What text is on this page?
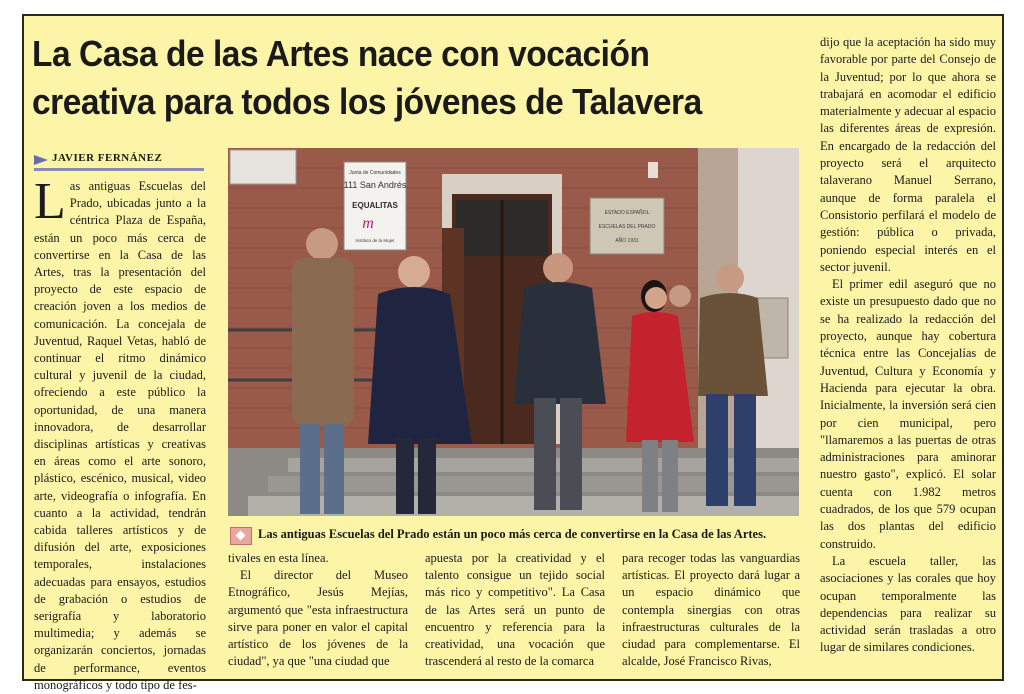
La Casa de las Artes nace con vocación creativa para todos los jóvenes de Talavera
JAVIER FERNÁNEZ

Las antiguas Escuelas del Prado, ubicadas junto a la céntrica Plaza de España, están un poco más cerca de convertirse en la Casa de las Artes, tras la presentación del proyecto de este espacio de creación joven a los medios de comunicación. La concejala de Juventud, Raquel Vetas, habló de continuar el ritmo dinámico cultural y juvenil de la ciudad, ofreciendo a este público la oportunidad, de una manera innovadora, de desarrollar disciplinas artísticas y creativas en áreas como el arte sonoro, plástico, escénico, musical, video arte, videografía o infografía. En cuanto a la actividad, tendrán cabida talleres artísticos y de difusión del arte, exposiciones temporales, instalaciones adecuadas para ensayos, estudios de grabación o estudios de serigrafía y laboratorio multimedia; y además se organizarán conciertos, jornadas de performance, eventos monográficos y todo tipo de fes-

Junta de Comunidades
111 San Andrés
EQUALITAS
m
Instituto de la Mujer
ESTADO ESPAÑOL
ESCUELAS DEL PRADO
AÑO 1931
Las antiguas Escuelas del Prado están un poco más cerca de convertirse en la Casa de las Artes.

tivales en esta línea.

El director del Museo Etnográfico, Jesús Mejías, argumentó que "esta infraestructura sirve para poner en valor el capital artístico de los jóvenes de la ciudad", ya que "una ciudad que

apuesta por la creatividad y el talento consigue un tejido social más rico y competitivo". La Casa de las Artes será un punto de encuentro y referencia para la creatividad, una vocación que trascenderá al resto de la comarca

para recoger todas las vanguardias artísticas. El proyecto dará lugar a un espacio dinámico que contempla sinergias con otras infraestructuras culturales de la ciudad para complementarse. El alcalde, José Francisco Rivas,

dijo que la aceptación ha sido muy favorable por parte del Consejo de la Juventud; por lo que ahora se trabajará en acomodar el edificio materialmente y adecuar al espacio las diferentes áreas de expresión. En encargado de la redacción del proyecto será el arquitecto talaverano Manuel Serrano, aunque de forma paralela el Consistorio perfilará el modelo de gestión: pública o privada, poniendo especial interés en el sector juvenil.

El primer edil aseguró que no existe un presupuesto dado que no se ha realizado la redacción del proyecto, aunque hay cobertura técnica entre las Concejalías de Juventud, Cultura y Economía y Hacienda para ejecutar la obra. Inicialmente, la inversión será cien por cien municipal, pero "llamaremos a las puertas de otras administraciones para aminorar nuestro gasto", explicó. El solar cuenta con 1.982 metros cuadrados, de los que 579 ocupan las dos plantas del edificio construido.

La escuela taller, las asociaciones y las corales que hoy ocupan temporalmente las dependencias para realizar su actividad serán trasladas a otro lugar de similares condiciones.
